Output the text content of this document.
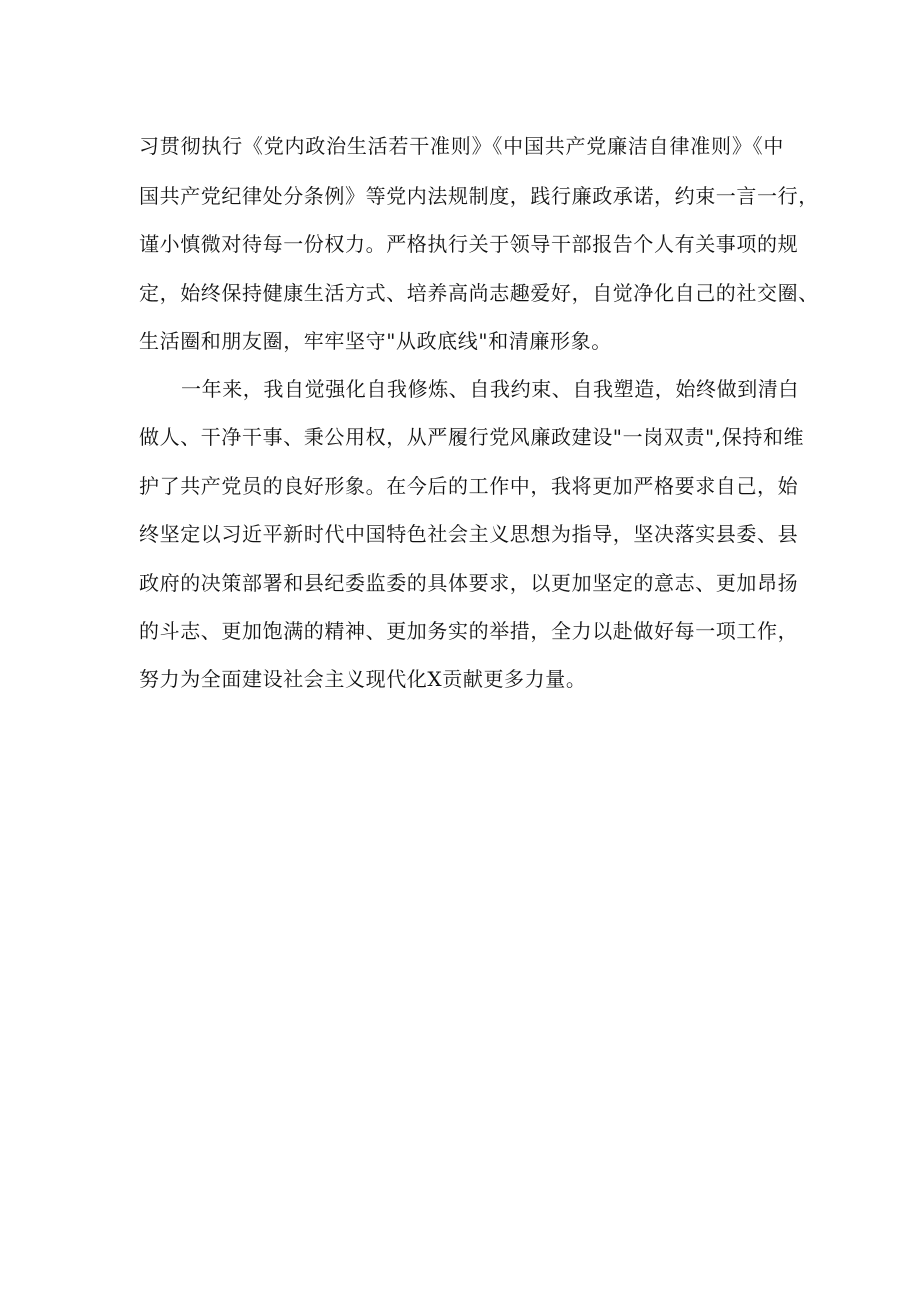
习贯彻执行《党内政治生活若干准则》《中国共产党廉洁自律准则》《中
国共产党纪律处分条例》等党内法规制度，践行廉政承诺，约束一言一行，
谨小慎微对待每一份权力。严格执行关于领导干部报告个人有关事项的规
定，始终保持健康生活方式、培养高尚志趣爱好，自觉净化自己的社交圈、
生活圈和朋友圈，牢牢坚守"从政底线"和清廉形象。
一年来，我自觉强化自我修炼、自我约束、自我塑造，始终做到清白
做人、干净干事、秉公用权，从严履行党风廉政建设"一岗双责",保持和维
护了共产党员的良好形象。在今后的工作中，我将更加严格要求自己，始
终坚定以习近平新时代中国特色社会主义思想为指导，坚决落实县委、县
政府的决策部署和县纪委监委的具体要求，以更加坚定的意志、更加昂扬
的斗志、更加饱满的精神、更加务实的举措，全力以赴做好每一项工作，
努力为全面建设社会主义现代化X贡献更多力量。
